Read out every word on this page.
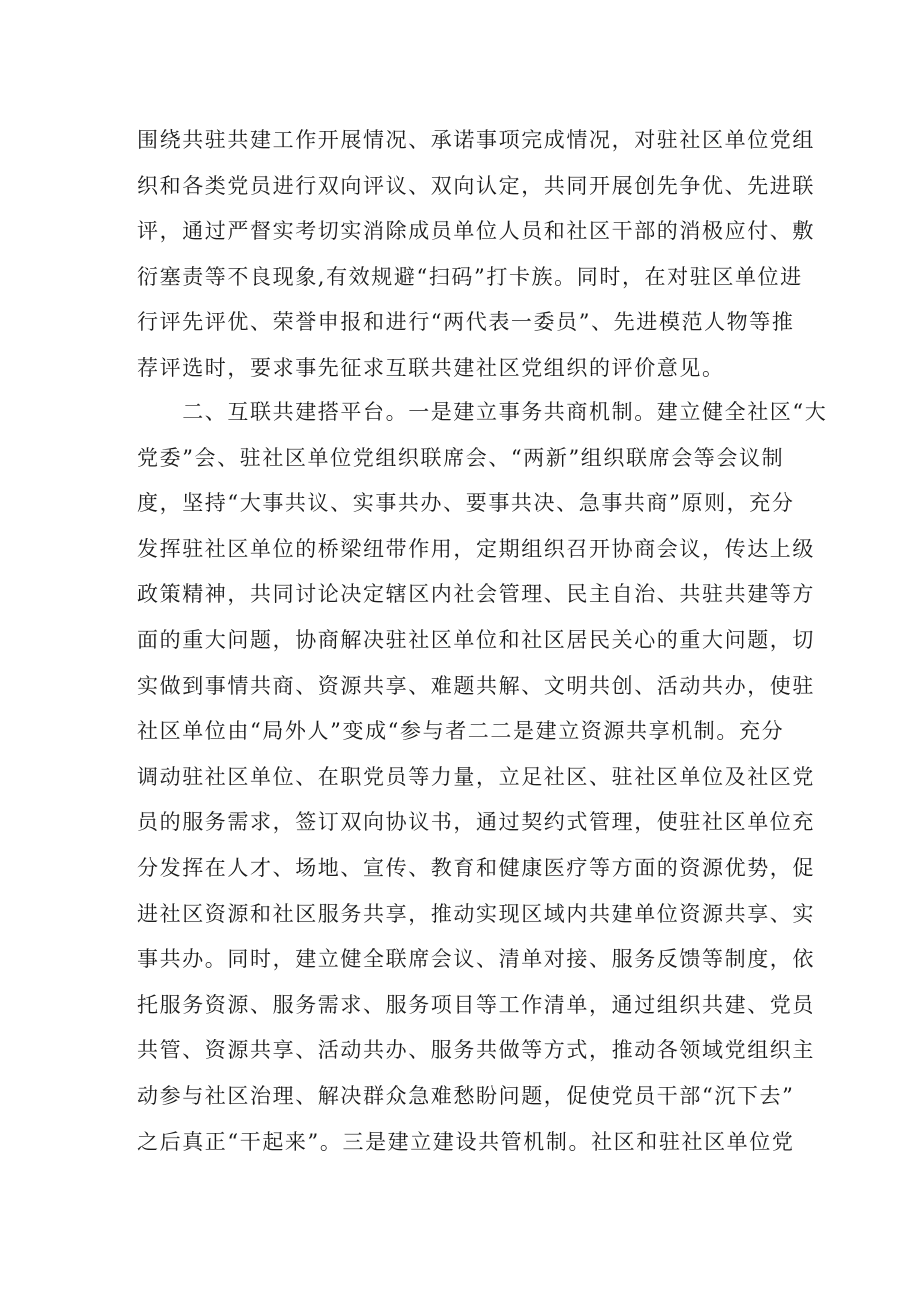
围绕共驻共建工作开展情况、承诺事项完成情况，对驻社区单位党组
织和各类党员进行双向评议、双向认定，共同开展创先争优、先进联
评，通过严督实考切实消除成员单位人员和社区干部的消极应付、敷
衍塞责等不良现象,有效规避“扫码”打卡族。同时，在对驻区单位进
行评先评优、荣誉申报和进行“两代表一委员”、先进模范人物等推
荐评选时，要求事先征求互联共建社区党组织的评价意见。
　　二、互联共建搭平台。一是建立事务共商机制。建立健全社区“大
党委”会、驻社区单位党组织联席会、“两新”组织联席会等会议制
度，坚持“大事共议、实事共办、要事共决、急事共商”原则，充分
发挥驻社区单位的桥梁纽带作用，定期组织召开协商会议，传达上级
政策精神，共同讨论决定辖区内社会管理、民主自治、共驻共建等方
面的重大问题，协商解决驻社区单位和社区居民关心的重大问题，切
实做到事情共商、资源共享、难题共解、文明共创、活动共办，使驻
社区单位由“局外人”变成“参与者二二是建立资源共享机制。充分
调动驻社区单位、在职党员等力量，立足社区、驻社区单位及社区党
员的服务需求，签订双向协议书，通过契约式管理，使驻社区单位充
分发挥在人才、场地、宣传、教育和健康医疗等方面的资源优势，促
进社区资源和社区服务共享，推动实现区域内共建单位资源共享、实
事共办。同时，建立健全联席会议、清单对接、服务反馈等制度，依
托服务资源、服务需求、服务项目等工作清单，通过组织共建、党员
共管、资源共享、活动共办、服务共做等方式，推动各领域党组织主
动参与社区治理、解决群众急难愁盼问题，促使党员干部“沉下去”
之后真正“干起来”。三是建立建设共管机制。社区和驻社区单位党
